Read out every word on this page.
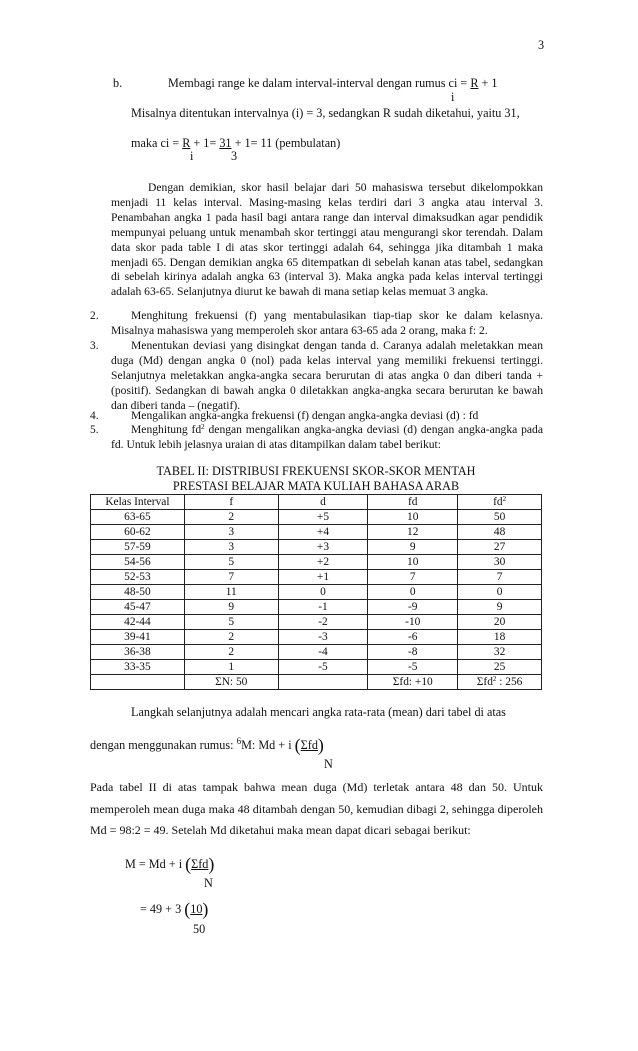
3
b.	Membagi range ke dalam interval-interval dengan rumus ci = R + 1
i
Misalnya ditentukan intervalnya (i) = 3, sedangkan R sudah diketahui, yaitu 31,
maka ci = R + 1= 31 + 1= 11 (pembulatan)
i	3
Dengan demikian, skor hasil belajar dari 50 mahasiswa tersebut dikelompokkan menjadi 11 kelas interval. Masing-masing kelas terdiri dari 3 angka atau interval 3. Penambahan angka 1 pada hasil bagi antara range dan interval dimaksudkan agar pendidik mempunyai peluang untuk menambah skor tertinggi atau mengurangi skor terendah. Dalam data skor pada table I di atas skor tertinggi adalah 64, sehingga jika ditambah 1 maka menjadi 65. Dengan demikian angka 65 ditempatkan di sebelah kanan atas tabel, sedangkan di sebelah kirinya adalah angka 63 (interval 3). Maka angka pada kelas interval tertinggi adalah 63-65. Selanjutnya diurut ke bawah di mana setiap kelas memuat 3 angka.
2.	Menghitung frekuensi (f) yang mentabulasikan tiap-tiap skor ke dalam kelasnya. Misalnya mahasiswa yang memperoleh skor antara 63-65 ada 2 orang, maka f: 2.
3.	Menentukan deviasi yang disingkat dengan tanda d. Caranya adalah meletakkan mean duga (Md) dengan angka 0 (nol) pada kelas interval yang memiliki frekuensi tertinggi. Selanjutnya meletakkan angka-angka secara berurutan di atas angka 0 dan diberi tanda + (positif). Sedangkan di bawah angka 0 diletakkan angka-angka secara berurutan ke bawah dan diberi tanda – (negatif).
4.	Mengalikan angka-angka frekuensi (f) dengan angka-angka deviasi (d) : fd
5.	Menghitung $fd^2$ dengan mengalikan angka-angka deviasi (d) dengan angka-angka pada fd. Untuk lebih jelasnya uraian di atas ditampilkan dalam tabel berikut:
TABEL II: DISTRIBUSI FREKUENSI SKOR-SKOR MENTAH
PRESTASI BELAJAR MATA KULIAH BAHASA ARAB
Kelas Interval	f	d	fd	$fd^2$
63-65	2	+5	10	50
60-62	3	+4	12	48
57-59	3	+3	9	27
54-56	5	+2	10	30
52-53	7	+1	7	7
48-50	11	0	0	0
45-47	9	-1	-9	9
42-44	5	-2	-10	20
39-41	2	-3	-6	18
36-38	2	-4	-8	32
33-35	1	-5	-5	25
	ΣN: 50		Σfd: +10	Σfd$^2$ : 256
Langkah selanjutnya adalah mencari angka rata-rata (mean) dari tabel di atas
dengan menggunakan rumus: $^6$M: Md + i (Σfd)
N
Pada tabel II di atas tampak bahwa mean duga (Md) terletak antara 48 dan 50. Untuk memperoleh mean duga maka 48 ditambah dengan 50, kemudian dibagi 2, sehingga diperoleh Md = 98:2 = 49. Setelah Md diketahui maka mean dapat dicari sebagai berikut:
M = Md + i (Σfd)
N
= 49 + 3 (10)
50
